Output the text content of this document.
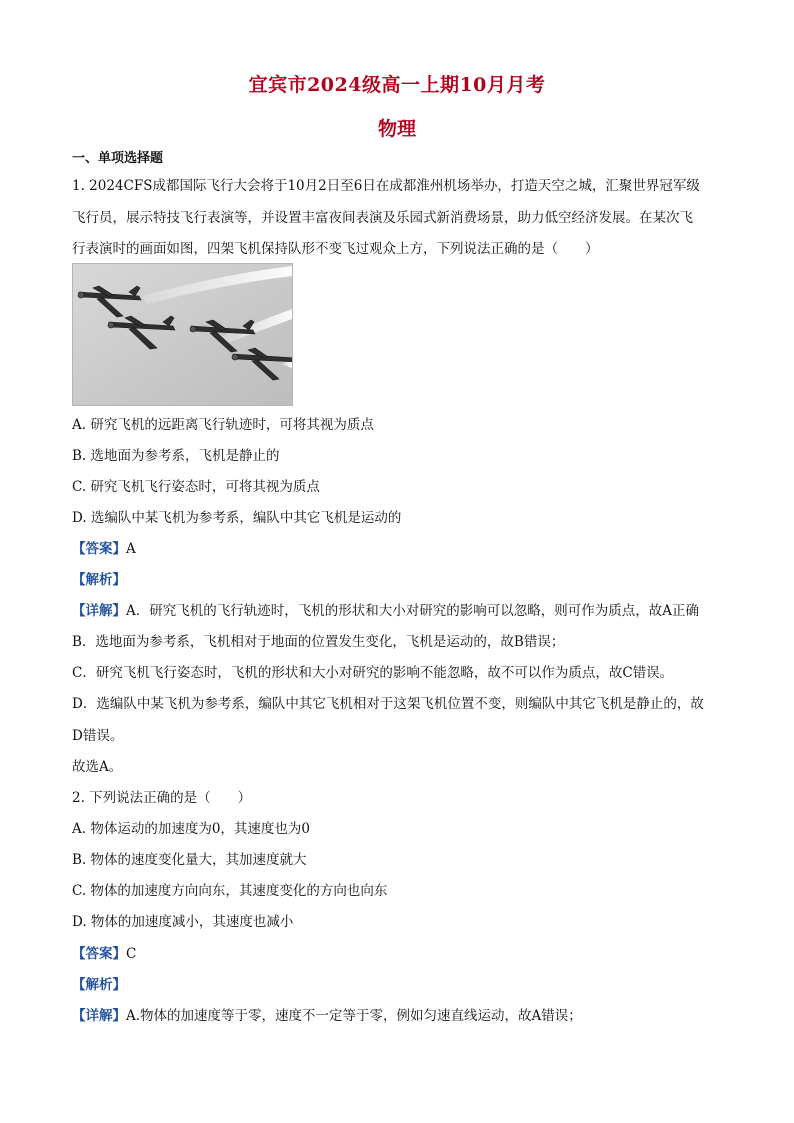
宜宾市2024级高一上期10月月考
物理
一、单项选择题
1. 2024CFS成都国际飞行大会将于10月2日至6日在成都淮州机场举办，打造天空之城，汇聚世界冠军级
飞行员，展示特技飞行表演等，并设置丰富夜间表演及乐园式新消费场景，助力低空经济发展。在某次飞
行表演时的画面如图，四架飞机保持队形不变飞过观众上方，下列说法正确的是（　　）
A. 研究飞机的远距离飞行轨迹时，可将其视为质点
B. 选地面为参考系，飞机是静止的
C. 研究飞机飞行姿态时，可将其视为质点
D. 选编队中某飞机为参考系，编队中其它飞机是运动的
【答案】A
【解析】
【详解】A．研究飞机的飞行轨迹时，飞机的形状和大小对研究的影响可以忽略，则可作为质点，故A正确
B．选地面为参考系，飞机相对于地面的位置发生变化，飞机是运动的，故B错误；
C．研究飞机飞行姿态时，飞机的形状和大小对研究的影响不能忽略，故不可以作为质点，故C错误。
D．选编队中某飞机为参考系，编队中其它飞机相对于这架飞机位置不变，则编队中其它飞机是静止的，故
D错误。
故选A。
2. 下列说法正确的是（　　）
A. 物体运动的加速度为0，其速度也为0
B. 物体的速度变化量大，其加速度就大
C. 物体的加速度方向向东，其速度变化的方向也向东
D. 物体的加速度减小，其速度也减小
【答案】C
【解析】
【详解】A.物体的加速度等于零，速度不一定等于零，例如匀速直线运动，故A错误；
